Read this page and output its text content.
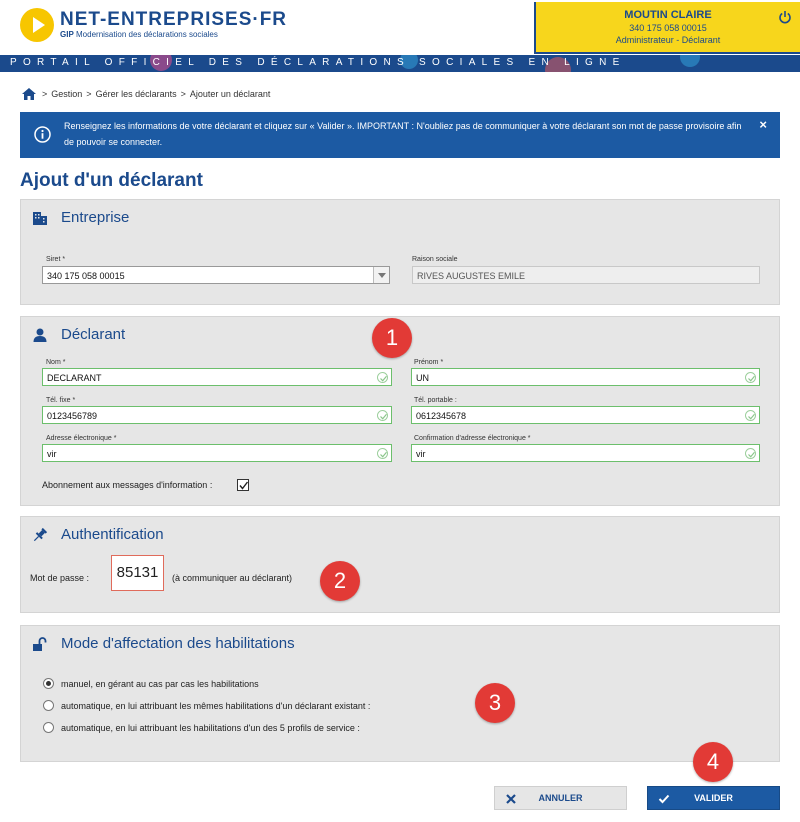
NET-ENTREPRISES·FR
GIP Modernisation des déclarations sociales
MOUTIN CLAIRE
340 175 058 00015
Administrateur - Déclarant
PORTAIL OFFICIEL DES DÉCLARATIONS SOCIALES EN LIGNE
> Gestion > Gérer les déclarants > Ajouter un déclarant
Renseignez les informations de votre déclarant et cliquez sur « Valider ». IMPORTANT : N'oubliez pas de communiquer à votre déclarant son mot de passe provisoire afin de pouvoir se connecter.
×
Ajout d'un déclarant
Entreprise
Siret *
340 175 058 00015
Raison sociale
RIVES AUGUSTES EMILE
Déclarant
Nom *
DECLARANT
Prénom *
UN
Tél. fixe *
0123456789
Tél. portable :
0612345678
Adresse électronique *
vir
Confirmation d'adresse électronique *
vir
Abonnement aux messages d'information :
Authentification
Mot de passe :	85131	(à communiquer au déclarant)
Mode d'affectation des habilitations
manuel, en gérant au cas par cas les habilitations
automatique, en lui attribuant les mêmes habilitations d'un déclarant existant :
automatique, en lui attribuant les habilitations d'un des 5 profils de service :
1
2
3
4
ANNULER	VALIDER
